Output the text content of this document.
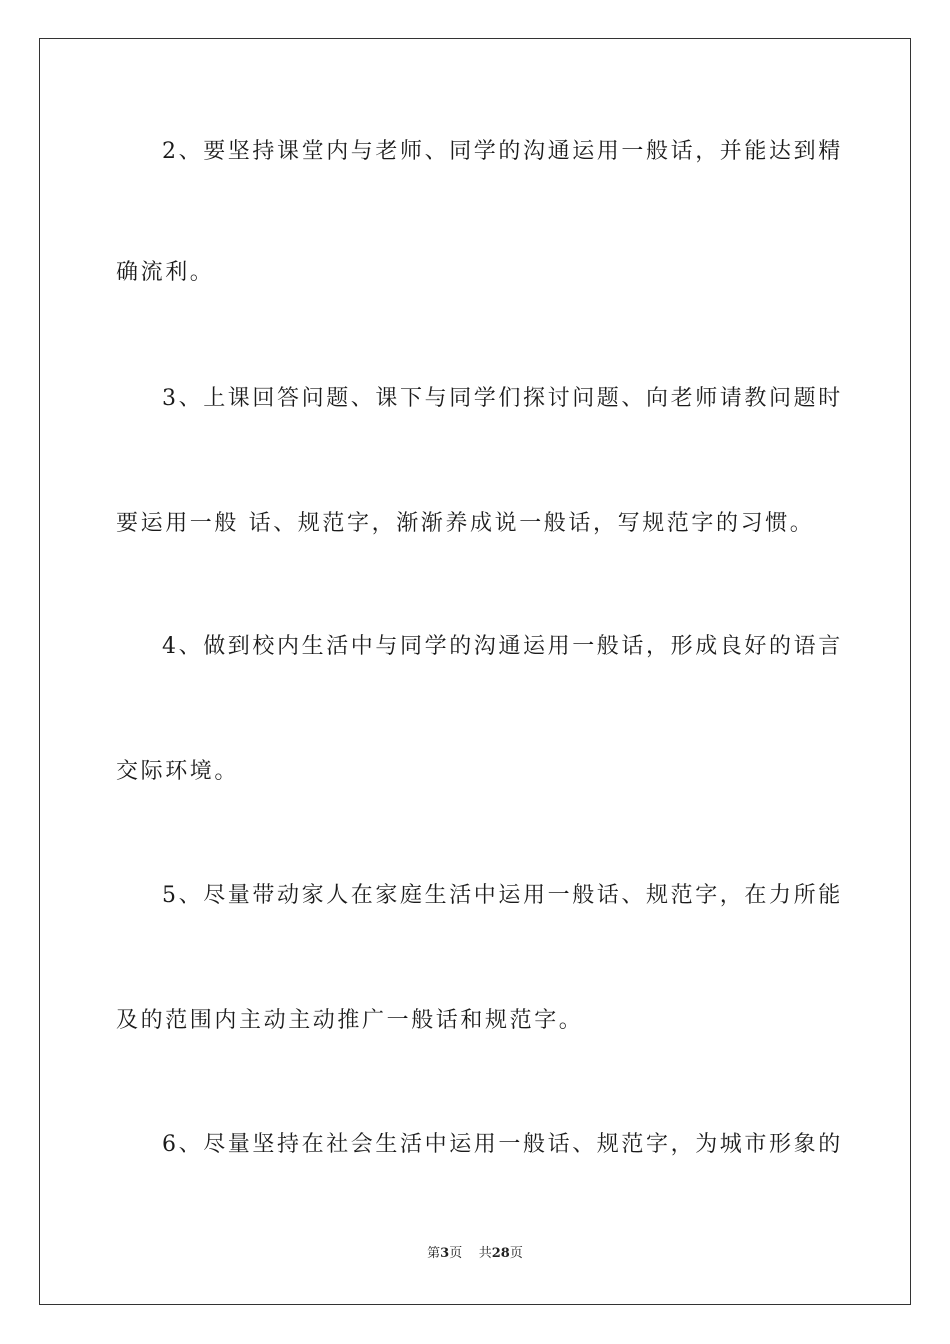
2、要坚持课堂内与老师、同学的沟通运用一般话，并能达到精
确流利。
3、上课回答问题、课下与同学们探讨问题、向老师请教问题时
要运用一般 话、规范字，渐渐养成说一般话，写规范字的习惯。
4、做到校内生活中与同学的沟通运用一般话，形成良好的语言
交际环境。
5、尽量带动家人在家庭生活中运用一般话、规范字，在力所能
及的范围内主动主动推广一般话和规范字。
6、尽量坚持在社会生活中运用一般话、规范字，为城市形象的
第3页 共28页
